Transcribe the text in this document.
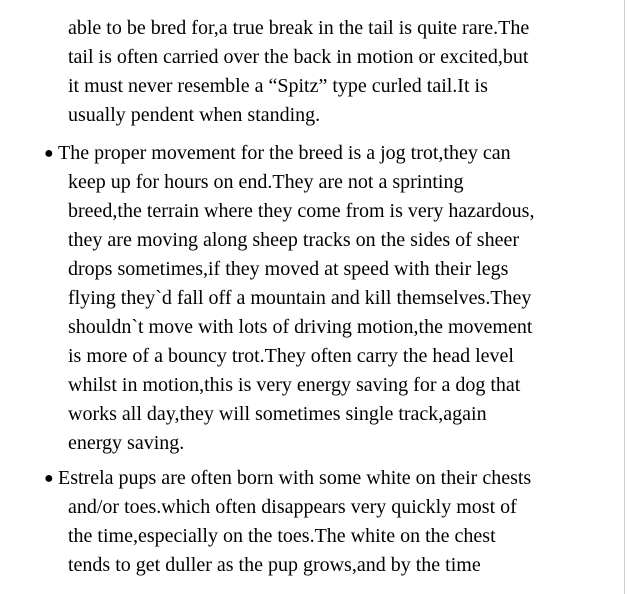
able to be bred for,a true break in the tail is quite rare.The
tail is often carried over the back in motion or excited,but
it must never resemble a “Spitz” type curled tail.It is
usually pendent when standing.
● The proper movement for the breed is a jog trot,they can
keep up for hours on end.They are not a sprinting
breed,the terrain where they come from is very hazardous,
they are moving along sheep tracks on the sides of sheer
drops sometimes,if they moved at speed with their legs
flying they`d fall off a mountain and kill themselves.They
shouldn`t move with lots of driving motion,the movement
is more of a bouncy trot.They often carry the head level
whilst in motion,this is very energy saving for a dog that
works all day,they will sometimes single track,again
energy saving.
● Estrela pups are often born with some white on their chests
and/or toes.which often disappears very quickly most of
the time,especially on the toes.The white on the chest
tends to get duller as the pup grows,and by the time
